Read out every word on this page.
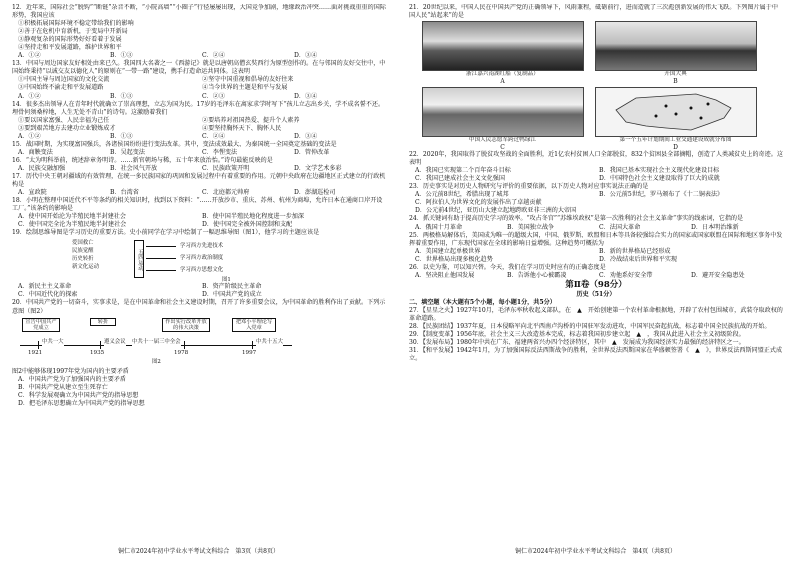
12．近年来，国际社会“脱钩”“断链”杂音不断，“小院高墙”“小圈子”行径屡屡出现，大国竞争加剧，地缘政治冲突……面对挑战重重的国际形势，我国应该

①积极拓展国际环境不稳定带给我们的影响
②善于在危机中育新机，于变局中开新局
③静观复杂的国际形势好好看着于发展
④坚持走和平发展道路，维护世界和平
A．①②	B．①③	C．②④	D．③④

13．中国与周边国家友好相处由来已久。我国四大名著之一《西游记》就是以唐朝高僧玄奘西行为原型创作的。在与邻国的友好交往中，中国始终秉持“以诚交友以德化人”的原则在“一带一路”建设，携手打造命运共同体。这表明

①中国主导与周边国家的文化交流	②坚守中国重视和倡导的友好往来
③中国始终不渝走和平发展道路	④当今世界的主题是和平与发展
A．①②	B．①③	C．②③	D．③④

14．很多杰出领导人在青年时代就确立了崇高理想，立志为国为民。17岁的毛泽东在离家求学时写下“孩儿立志出乡关，学不成名誓不还。埋骨何须桑梓地，人生无处不青山”的诗句。这激励着我们

①要以国家富强、人民幸福为己任	②要培养对祖国热爱、提升个人素养
③要到艰苦地方去建功立业锻炼成才	④要坚持胸怀天下、胸怀人民
A．①②	B．①③	C．②④	D．③④

15．战国时期，为实现富国强兵，各诸侯国纷纷进行变法改革。其中，变法成效最大、为秦国统一全国奠定基础的变法是

A．商鞅变法	B．吴起变法	C．李悝变法	D．管仲改革

16．“太为明科举前，统述辞章务明诗。……新官朝场与稀，五十年来放治怡。”诗句最能反映的是

A．民族交融加强	B．社会风气开放	C．民族政策开明	D．文学艺术多彩

17．历代中央王朝对疆域的有效管理，在统一多民族国家的巩固和发展过程中有着重要的作用。元朝中央政府在边疆地区正式建立的行政机构是

A．宣政院	B．台湾省	C．北庭都元帅府	D．澎湖巡检司

18．小明在整理中国近代不平等条约的相关知识时，找到以下资料：“……开放沙市、重庆、苏州、杭州为商埠，允许日本在通商口岸开设工厂。”该条约的影响是

A．使中国开始沦为半殖民地半封建社会	B．使中国半殖民地化程度进一步加深
C．使中国完全沦为半殖民地半封建社会	D．使中国完全被外国控制和支配

19．绘制思维导图是学习历史的重要方法。史小前同学在学习中绘制了一幅思维导图（图1），他学习的主题应该是

五四运动
爱国救亡
民族觉醒
历史转折
新文化运动
学习西方先进技术
学习西方政治制度
学习西方思想文化
图1
A．新民主主义革命	B．资产阶级民主革命
C．中国近代化的探索	D．中国共产党的成立

20．中国共产党的一切奋斗，实事求是，是在中国革命和社会主义建设时期，召开了许多重要会议，为中国革命的胜利作出了贡献。下列示意图（图2）

宣告中国共产党成立
转折	作出实行改革开放的伟大决策
把邓小平理论写入党章
中共一大	遵义会议 中共十一届三中全会	中共十五大
1921	1935	1978	1997
图2

图2中能够体现1997年党为国内的主要矛盾

A．中国共产党为了加强国内的主要矛盾
B．中国共产党从建立至生死存亡
C．科学发展观确立为中国共产党的指导思想
D．把毛泽东思想确立为中国共产党的指导思想
铜仁市2024年初中学业水平考试文科综合　第3页（共8页）

21．20世纪以来，中国人民在中国共产党的正确领导下，风雨兼程，砥砺前行，进而造就了三次彪创新发展的伟大飞跃。下列图片属于中国人民“站起来”的是

浙江嘉兴南湖红船（复制品）
A
开国大典
B
中国人民志愿军跨过鸭绿江
C
第一个五年计划期间工业交通建设成就分布图
D

22．2020年，我国取得了脱贫攻坚战的全面胜利，近1亿农村贫困人口全部脱贫，832个贫困县全部摘帽，创造了人类减贫史上的奇迹。这表明

A．我国已实现第二个百年奋斗目标	B．我国已基本实现社会主义现代化建设目标
C．我国已建成社会主义文化强国	D．中国特色社会主义建设取得了巨大的成就

23．历史事实是对历史人物研究与评价的重要依据，以下历史人物对应事实说法正确的是

A．公元前8世纪，希腊出现了城邦	B．公元前5世纪，罗马颁布了《十二铜表法》
C．阿拉伯人为世界文化的发展作出了卓越贡献
D．公元前4世纪，亚历山大建立起地跨欧亚非三洲的大帝国

24．抓关键词有助于提高历史学习的效率。“攻占冬宫”“苏维埃政权”是第一次胜利的社会主义革命“事实的线索词，它指的是

A．俄国十月革命	B．美国独立战争	C．法国大革命	D．日本明治维新

25．两极格局解体后，美国成为唯一的超级大国，中国、俄罗斯、欧盟和日本等具备较强综合实力的国家或国家联盟在国际和地区事务中发挥着重要作用，广东现代国家在全球的影响日益增强。这种趋势可概括为

A．美国建立起单极世界	B．新的世界格局已经形成
C．世界格局出现多极化趋势	D．冷战结束后世界和平实现

26．以史为鉴，可以知兴替。今天，我们在学习历史时应有的正确态度是

A．坚决阻止他国发展	B．告诉他小心被霸凌	C．劝他系好安全带	D．避开安全隐患处
第Ⅱ卷（98分）
历史（51分）

二、填空题（本大题有5个小题，每小题1分，共5分）

27．【星星之火】1927年10月，毛泽东率秋收起义部队，在　▲　开始创建第一个农村革命根据地，开辟了农村包围城市，武装夺取政权的革命道路。

28．【民族团结】1937年夏，日本侵略军向北平西南卢沟桥的中国驻军发动进攻，中国军民奋起抗战，标志着中国全民族抗战的开始。

29．【制度变革】1956年底，社会主义三大改造基本完成，标志着我国初步建立起　▲　，我国从此进入社会主义初级阶段。

30．【发展布局】1980年中共在广东、福建两省兴办四个经济特区，其中　▲　发展成为我国经济实力最强的经济特区之一。

31．【和平发展】1942年1月，为了加强国际反法西斯战争的胜利，全世界反法西斯国家在华盛顿签署《　▲　》，世界反法西斯同盟正式成立。

铜仁市2024年初中学业水平考试文科综合　第4页（共8页）
